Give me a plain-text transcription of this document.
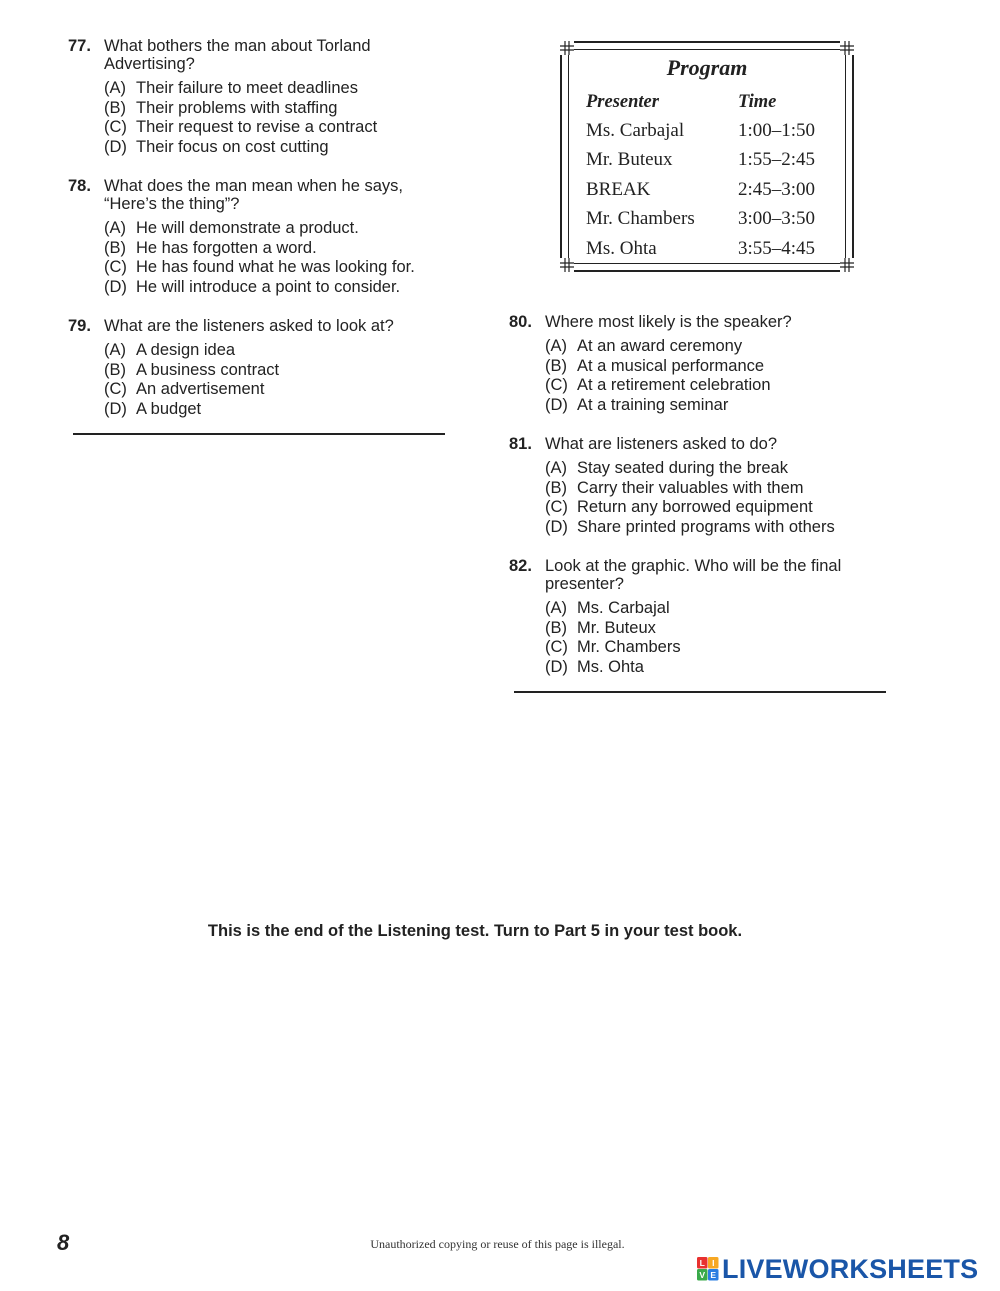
77. What bothers the man about Torland
Advertising?
(A) Their failure to meet deadlines
(B) Their problems with staffing
(C) Their request to revise a contract
(D) Their focus on cost cutting
78. What does the man mean when he says,
“Here’s the thing”?
(A) He will demonstrate a product.
(B) He has forgotten a word.
(C) He has found what he was looking for.
(D) He will introduce a point to consider.
79. What are the listeners asked to look at?
(A) A design idea
(B) A business contract
(C) An advertisement
(D) A budget
Program
Presenter	Time
Ms. Carbajal	1:00–1:50
Mr. Buteux	1:55–2:45
BREAK	2:45–3:00
Mr. Chambers	3:00–3:50
Ms. Ohta	3:55–4:45
80. Where most likely is the speaker?
(A) At an award ceremony
(B) At a musical performance
(C) At a retirement celebration
(D) At a training seminar
81. What are listeners asked to do?
(A) Stay seated during the break
(B) Carry their valuables with them
(C) Return any borrowed equipment
(D) Share printed programs with others
82. Look at the graphic. Who will be the final
presenter?
(A) Ms. Carbajal
(B) Mr. Buteux
(C) Mr. Chambers
(D) Ms. Ohta
This is the end of the Listening test. Turn to Part 5 in your test book.
8	Unauthorized copying or reuse of this page is illegal.
L I
V E LIVEWORKSHEETS
